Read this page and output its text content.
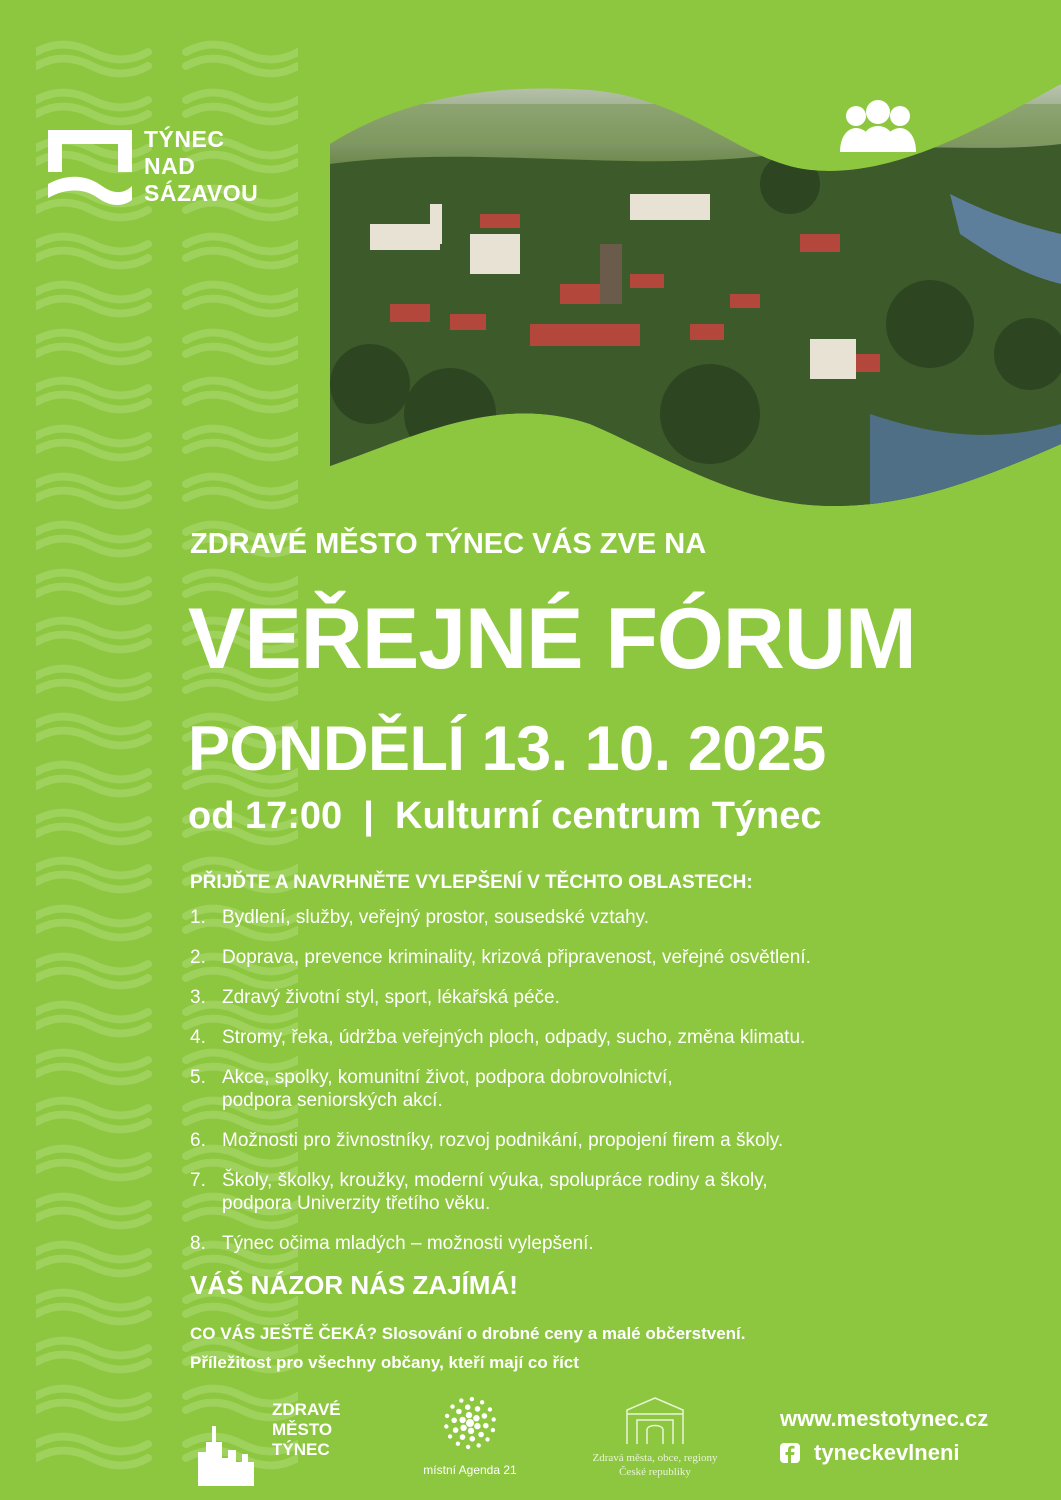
TÝNEC
NAD
SÁZAVOU
ZDRAVÉ MĚSTO TÝNEC VÁS ZVE NA
VEŘEJNÉ FÓRUM
PONDĚLÍ 13. 10. 2025
od 17:00  |  Kulturní centrum Týnec
PŘIJĎTE A NAVRHNĚTE VYLEPŠENÍ V TĚCHTO OBLASTECH:
1. Bydlení, služby, veřejný prostor, sousedské vztahy.
2. Doprava, prevence kriminality, krizová připravenost, veřejné osvětlení.
3. Zdravý životní styl, sport, lékařská péče.
4. Stromy, řeka, údržba veřejných ploch, odpady, sucho, změna klimatu.
5. Akce, spolky, komunitní život, podpora dobrovolnictví,
podpora seniorských akcí.
6. Možnosti pro živnostníky, rozvoj podnikání, propojení firem a školy.
7. Školy, školky, kroužky, moderní výuka, spolupráce rodiny a školy,
podpora Univerzity třetího věku.
8. Týnec očima mladých – možnosti vylepšení.
VÁŠ NÁZOR NÁS ZAJÍMÁ!
CO VÁS JEŠTĚ ČEKÁ? Slosování o drobné ceny a malé občerstvení.
Příležitost pro všechny občany, kteří mají co říct
ZDRAVÉ
MĚSTO
TÝNEC
místní Agenda 21
Zdravá města, obce, regiony
České republiky
www.mestotynec.cz
tyneckevlneni
